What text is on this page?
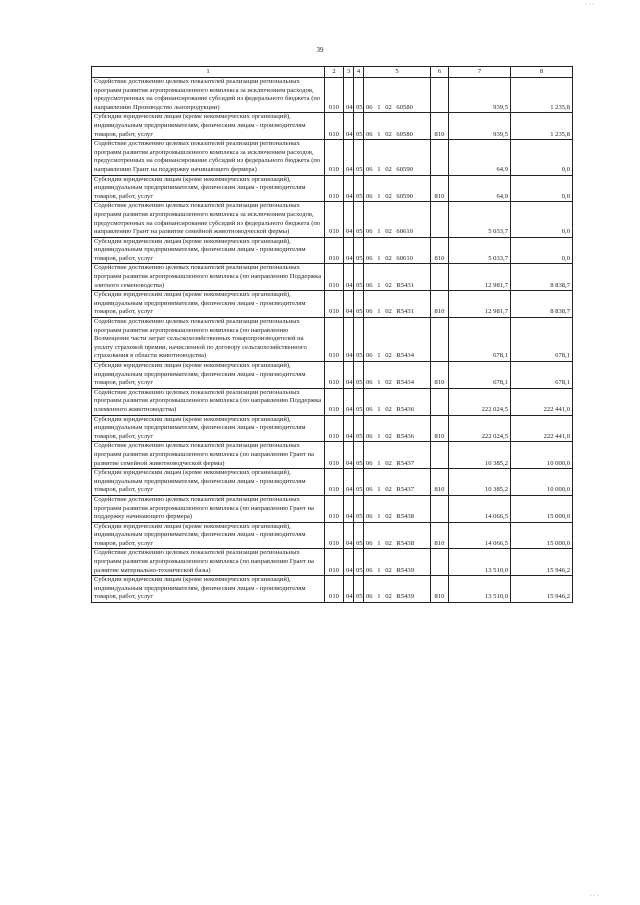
· · ·
39
1	2	3	4	5	6	7	8
Содействие достижению целевых показателей реализации региональных программ развития агропромышленного комплекса за исключением расходов, предусмотренных на софинансирование субсидий из федерального бюджета (по направлению Производство льнопродукции)	010	04	05	06 1 02 60580		939,5	1 235,8
Субсидии юридическим лицам (кроме некоммерческих организаций), индивидуальным предпринимателям, физическим лицам - производителям товаров, работ, услуг	010	04	05	06 1 02 60580	810	939,5	1 235,8
Содействие достижению целевых показателей реализации региональных программ развития агропромышленного комплекса за исключением расходов, предусмотренных на софинансирование субсидий из федерального бюджета (по направлению Грант на поддержку начинающего фермера)	010	04	05	06 1 02 60590		64,9	0,0
Субсидии юридическим лицам (кроме некоммерческих организаций), индивидуальным предпринимателям, физическим лицам - производителям товаров, работ, услуг	010	04	05	06 1 02 60590	810	64,9	0,0
Содействие достижению целевых показателей реализации региональных программ развития агропромышленного комплекса за исключением расходов, предусмотренных на софинансирование субсидий из федерального бюджета (по направлению Грант на развитие семейной животноводческой фермы)	010	04	05	06 1 02 60610		5 033,7	0,0
Субсидии юридическим лицам (кроме некоммерческих организаций), индивидуальным предпринимателям, физическим лицам - производителям товаров, работ, услуг	010	04	05	06 1 02 60610	810	5 033,7	0,0
Содействие достижению целевых показателей реализации региональных программ развития агропромышленного комплекса (по направлению Поддержка элитного семеноводства)	010	04	05	06 1 02 R5431		12 981,7	8 838,7
Субсидии юридическим лицам (кроме некоммерческих организаций), индивидуальным предпринимателям, физическим лицам - производителям товаров, работ, услуг	010	04	05	06 1 02 R5431	810	12 981,7	8 838,7
Содействие достижению целевых показателей реализации региональных программ развития агропромышленного комплекса (по направлению Возмещение части затрат сельскохозяйственных товаропроизводителей на уплату страховой премии, начисленной по договору сельскохозяйственного страхования в области животноводства)	010	04	05	06 1 02 R5434		678,1	678,1
Субсидии юридическим лицам (кроме некоммерческих организаций), индивидуальным предпринимателям, физическим лицам - производителям товаров, работ, услуг	010	04	05	06 1 02 R5434	810	678,1	678,1
Содействие достижению целевых показателей реализации региональных программ развития агропромышленного комплекса (по направлению Поддержка племенного животноводства)	010	04	05	06 1 02 R5436		222 024,5	222 441,0
Субсидии юридическим лицам (кроме некоммерческих организаций), индивидуальным предпринимателям, физическим лицам - производителям товаров, работ, услуг	010	04	05	06 1 02 R5436	810	222 024,5	222 441,0
Содействие достижению целевых показателей реализации региональных программ развития агропромышленного комплекса (по направлению Грант на развитие семейной животноводческой фермы)	010	04	05	06 1 02 R5437		10 385,2	10 000,0
Субсидии юридическим лицам (кроме некоммерческих организаций), индивидуальным предпринимателям, физическим лицам - производителям товаров, работ, услуг	010	04	05	06 1 02 R5437	810	10 385,2	10 000,0
Содействие достижению целевых показателей реализации региональных программ развития агропромышленного комплекса (по направлению Грант на поддержку начинающего фермера)	010	04	05	06 1 02 R5438		14 066,5	15 000,0
Субсидии юридическим лицам (кроме некоммерческих организаций), индивидуальным предпринимателям, физическим лицам - производителям товаров, работ, услуг	010	04	05	06 1 02 R5438	810	14 066,5	15 000,0
Содействие достижению целевых показателей реализации региональных программ развития агропромышленного комплекса (по направлению Грант на развитие материально-технической базы)	010	04	05	06 1 02 R5439		13 510,0	15 946,2
Субсидии юридическим лицам (кроме некоммерческих организаций), индивидуальным предпринимателям, физическим лицам - производителям товаров, работ, услуг	010	04	05	06 1 02 R5439	810	13 510,0	15 946,2
· · ·
